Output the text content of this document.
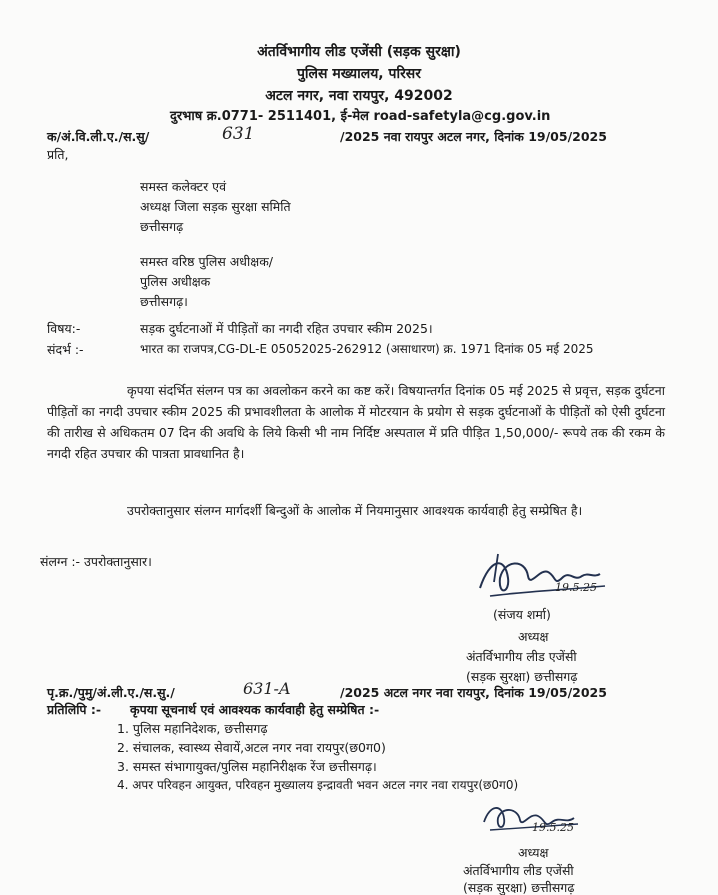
अंतर्विभागीय लीड एजेंसी (सड़क सुरक्षा)
पुलिस मख्यालय, परिसर
अटल नगर, नवा रायपुर, 492002
दुरभाष क्र.0771- 2511401, ई-मेल road-safetyla@cg.gov.in
क/अं.वि.ली.ए./स.सु/	631	/2025 नवा रायपुर अटल नगर, दिनांक 19/05/2025
प्रति,
समस्त कलेक्टर एवं
अध्यक्ष जिला सड़क सुरक्षा समिति
छत्तीसगढ़
समस्त वरिष्ठ पुलिस अधीक्षक/
पुलिस अधीक्षक
छत्तीसगढ़।
विषय:-	सड़क दुर्घटनाओं में पीड़ितों का नगदी रहित उपचार स्कीम 2025।
संदर्भ :-	भारत का राजपत्र,CG-DL-E 05052025-262912 (असाधारण) क्र. 1971 दिनांक 05 मई 2025
कृपया संदर्भित संलग्न पत्र का अवलोकन करने का कष्ट करें। विषयान्तर्गत दिनांक 05 मई 2025 से प्रवृत्त, सड़क दुर्घटना पीड़ितों का नगदी उपचार स्कीम 2025 की प्रभावशीलता के आलोक में मोटरयान के प्रयोग से सड़क दुर्घटनाओं के पीड़ितों को ऐसी दुर्घटना की तारीख से अधिकतम 07 दिन की अवधि के लिये किसी भी नाम निर्दिष्ट अस्पताल में प्रति पीड़ित 1,50,000/- रूपये तक की रकम के नगदी रहित उपचार की पात्रता प्रावधानित है।
उपरोक्तानुसार संलग्न मार्गदर्शी बिन्दुओं के आलोक में नियमानुसार आवश्यक कार्यवाही हेतु सम्प्रेषित है।
संलग्न :- उपरोक्तानुसार।
19.5.25
(संजय शर्मा)
अध्यक्ष
अंतर्विभागीय लीड एजेंसी
(सड़क सुरक्षा) छत्तीसगढ़
पृ.क्र./पुमु/अं.ली.ए./स.सु./	631-A	/2025 अटल नगर नवा रायपुर, दिनांक 19/05/2025
प्रतिलिपि :- कृपया सूचनार्थ एवं आवश्यक कार्यवाही हेतु सम्प्रेषित :-
1. पुलिस महानिदेशक, छत्तीसगढ़
2. संचालक, स्वास्थ्य सेवायें,अटल नगर नवा रायपुर(छ0ग0)
3. समस्त संभागायुक्त/पुलिस महानिरीक्षक रेंज छत्तीसगढ़।
4. अपर परिवहन आयुक्त, परिवहन मुख्यालय इन्द्रावती भवन अटल नगर नवा रायपुर(छ0ग0)
19.5.25
अध्यक्ष
अंतर्विभागीय लीड एजेंसी
(सड़क सुरक्षा) छत्तीसगढ़
